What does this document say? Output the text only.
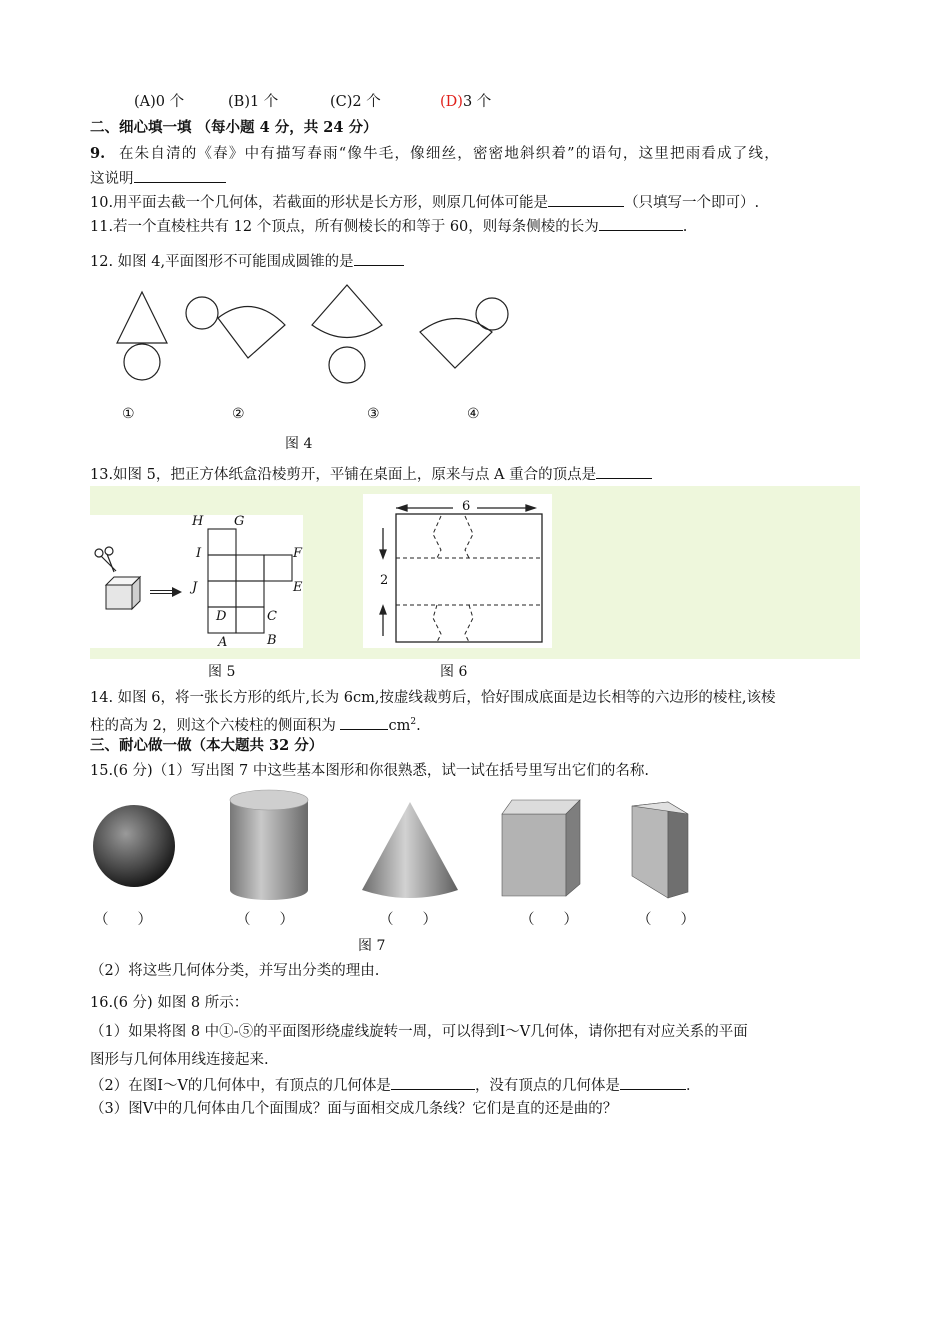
(A)0 个	(B)1 个	(C)2 个	(D)3 个
二、细心填一填 （每小题 4 分，共 24 分）
9. 在朱自清的《春》中有描写春雨“像牛毛，像细丝，密密地斜织着”的语句，这里把雨看成了线，
这说明
10.用平面去截一个几何体，若截面的形状是长方形，则原几何体可能是	（只填写一个即可）.
11.若一个直棱柱共有 12 个顶点，所有侧棱长的和等于 60，则每条侧棱的长为	.
12. 如图 4,平面图形不可能围成圆锥的是
①	②	③	④
图 4
13.如图 5，把正方体纸盒沿棱剪开，平铺在桌面上，原来与点 A 重合的顶点是
H G
I	F
J	E
D	C
A	B
6
2
图 5	图 6
14. 如图 6，将一张长方形的纸片,长为 6cm,按虚线裁剪后，恰好围成底面是边长相等的六边形的棱柱,该棱
柱的高为 2，则这个六棱柱的侧面积为	$cm^2$.
三、耐心做一做（本大题共 32 分）
15.(6 分)（1）写出图 7 中这些基本图形和你很熟悉，试一试在括号里写出它们的名称.
（　　）	（　　）	（　　）	（　　）	（　　）
图 7
（2）将这些几何体分类，并写出分类的理由.
16.(6 分) 如图 8 所示：
（1）如果将图 8 中①-⑤的平面图形绕虚线旋转一周，可以得到Ⅰ～Ⅴ几何体，请你把有对应关系的平面
图形与几何体用线连接起来.
（2）在图Ⅰ～Ⅴ的几何体中，有顶点的几何体是	，没有顶点的几何体是	．
（3）图Ⅴ中的几何体由几个面围成？面与面相交成几条线？它们是直的还是曲的？
